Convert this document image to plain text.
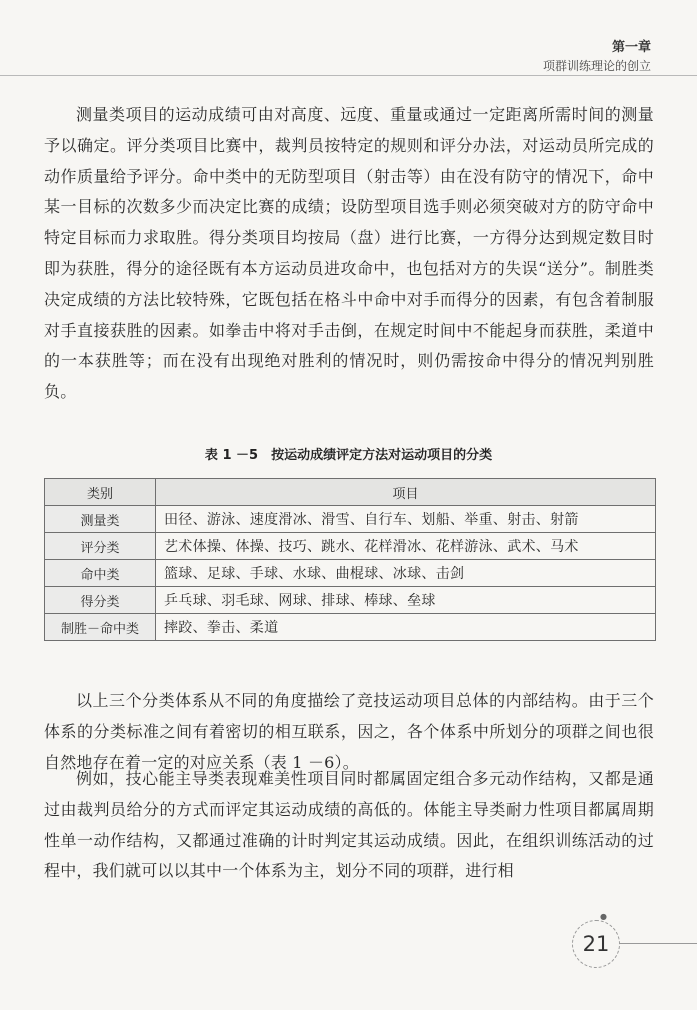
第一章
项群训练理论的创立
测量类项目的运动成绩可由对高度、远度、重量或通过一定距离所需时间的测量予以确定。评分类项目比赛中，裁判员按特定的规则和评分办法，对运动员所完成的动作质量给予评分。命中类中的无防型项目（射击等）由在没有防守的情况下，命中某一目标的次数多少而决定比赛的成绩；设防型项目选手则必须突破对方的防守命中特定目标而力求取胜。得分类项目均按局（盘）进行比赛，一方得分达到规定数目时即为获胜，得分的途径既有本方运动员进攻命中，也包括对方的失误“送分”。制胜类决定成绩的方法比较特殊，它既包括在格斗中命中对手而得分的因素，有包含着制服对手直接获胜的因素。如拳击中将对手击倒，在规定时间中不能起身而获胜，柔道中的一本获胜等；而在没有出现绝对胜利的情况时，则仍需按命中得分的情况判别胜负。
表 1 －5　按运动成绩评定方法对运动项目的分类
类别	项目
测量类	田径、游泳、速度滑冰、滑雪、自行车、划船、举重、射击、射箭
评分类	艺术体操、体操、技巧、跳水、花样滑冰、花样游泳、武术、马术
命中类	篮球、足球、手球、水球、曲棍球、冰球、击剑
得分类	乒乓球、羽毛球、网球、排球、棒球、垒球
制胜－命中类	摔跤、拳击、柔道
以上三个分类体系从不同的角度描绘了竞技运动项目总体的内部结构。由于三个体系的分类标准之间有着密切的相互联系，因之，各个体系中所划分的项群之间也很自然地存在着一定的对应关系（表 1 －6）。
例如，技心能主导类表现难美性项目同时都属固定组合多元动作结构，又都是通过由裁判员给分的方式而评定其运动成绩的高低的。体能主导类耐力性项目都属周期性单一动作结构，又都通过准确的计时判定其运动成绩。因此，在组织训练活动的过程中，我们就可以以其中一个体系为主，划分不同的项群，进行相
●
21
